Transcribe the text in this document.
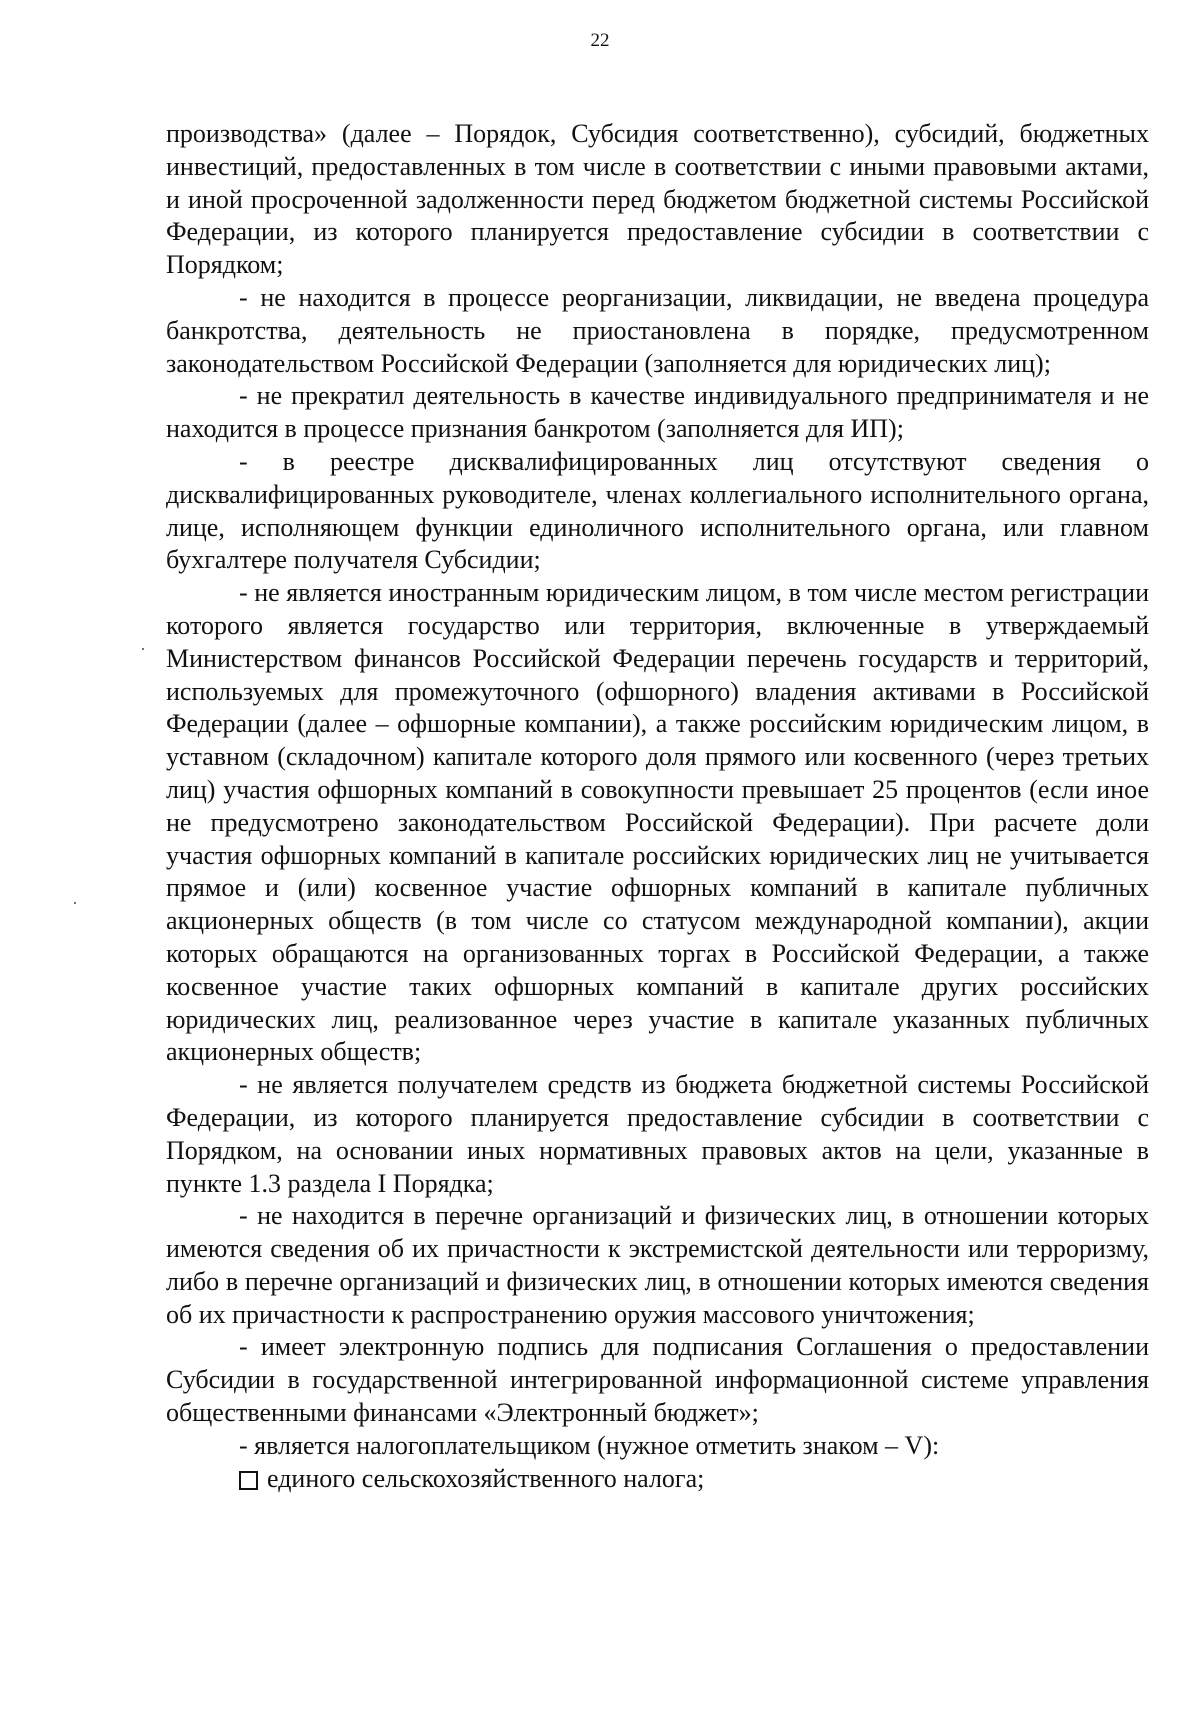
22

производства» (далее – Порядок, Субсидия соответственно), субсидий, бюджетных инвестиций, предоставленных в том числе в соответствии с иными правовыми актами, и иной просроченной задолженности перед бюджетом бюджетной системы Российской Федерации, из которого планируется предоставление субсидии в соответствии с Порядком;

- не находится в процессе реорганизации, ликвидации, не введена процедура банкротства, деятельность не приостановлена в порядке, предусмотренном законодательством Российской Федерации (заполняется для юридических лиц);

- не прекратил деятельность в качестве индивидуального предпринимателя и не находится в процессе признания банкротом (заполняется для ИП);

- в реестре дисквалифицированных лиц отсутствуют сведения о дисквалифицированных руководителе, членах коллегиального исполнительного органа, лице, исполняющем функции единоличного исполнительного органа, или главном бухгалтере получателя Субсидии;

- не является иностранным юридическим лицом, в том числе местом регистрации которого является государство или территория, включенные в утверждаемый Министерством финансов Российской Федерации перечень государств и территорий, используемых для промежуточного (офшорного) владения активами в Российской Федерации (далее – офшорные компании), а также российским юридическим лицом, в уставном (складочном) капитале которого доля прямого или косвенного (через третьих лиц) участия офшорных компаний в совокупности превышает 25 процентов (если иное не предусмотрено законодательством Российской Федерации). При расчете доли участия офшорных компаний в капитале российских юридических лиц не учитывается прямое и (или) косвенное участие офшорных компаний в капитале публичных акционерных обществ (в том числе со статусом международной компании), акции которых обращаются на организованных торгах в Российской Федерации, а также косвенное участие таких офшорных компаний в капитале других российских юридических лиц, реализованное через участие в капитале указанных публичных акционерных обществ;

- не является получателем средств из бюджета бюджетной системы Российской Федерации, из которого планируется предоставление субсидии в соответствии с Порядком, на основании иных нормативных правовых актов на цели, указанные в пункте 1.3 раздела I Порядка;

- не находится в перечне организаций и физических лиц, в отношении которых имеются сведения об их причастности к экстремистской деятельности или терроризму, либо в перечне организаций и физических лиц, в отношении которых имеются сведения об их причастности к распространению оружия массового уничтожения;

- имеет электронную подпись для подписания Соглашения о предоставлении Субсидии в государственной интегрированной информационной системе управления общественными финансами «Электронный бюджет»;

- является налогоплательщиком (нужное отметить знаком – V):

единого сельскохозяйственного налога;
